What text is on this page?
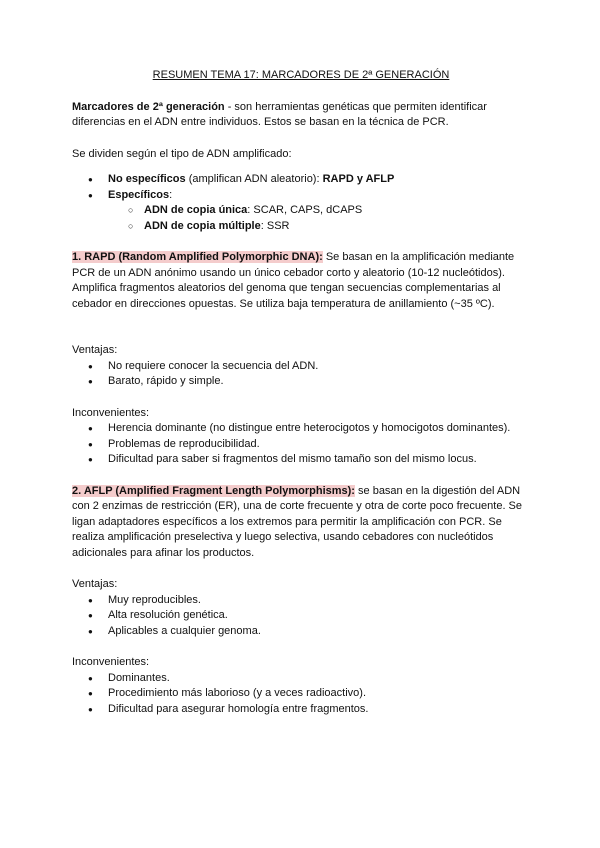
RESUMEN TEMA 17: MARCADORES DE 2ª GENERACIÓN

Marcadores de 2ª generación - son herramientas genéticas que permiten identificar diferencias en el ADN entre individuos. Estos se basan en la técnica de PCR.

Se dividen según el tipo de ADN amplificado:

● No específicos (amplifican ADN aleatorio): RAPD y AFLP
● Específicos:
○ ADN de copia única: SCAR, CAPS, dCAPS
○ ADN de copia múltiple: SSR

1. RAPD (Random Amplified Polymorphic DNA): Se basan en la amplificación mediante PCR de un ADN anónimo usando un único cebador corto y aleatorio (10-12 nucleótidos). Amplifica fragmentos aleatorios del genoma que tengan secuencias complementarias al cebador en direcciones opuestas. Se utiliza baja temperatura de anillamiento (~35 ºC).

Ventajas:

● No requiere conocer la secuencia del ADN.
● Barato, rápido y simple.

Inconvenientes:

● Herencia dominante (no distingue entre heterocigotos y homocigotos dominantes).
● Problemas de reproducibilidad.
● Dificultad para saber si fragmentos del mismo tamaño son del mismo locus.

2. AFLP (Amplified Fragment Length Polymorphisms): se basan en la digestión del ADN con 2 enzimas de restricción (ER), una de corte frecuente y otra de corte poco frecuente. Se ligan adaptadores específicos a los extremos para permitir la amplificación con PCR. Se realiza amplificación preselectiva y luego selectiva, usando cebadores con nucleótidos adicionales para afinar los productos.

Ventajas:

● Muy reproducibles.
● Alta resolución genética.
● Aplicables a cualquier genoma.

Inconvenientes:

● Dominantes.
● Procedimiento más laborioso (y a veces radioactivo).
● Dificultad para asegurar homología entre fragmentos.
